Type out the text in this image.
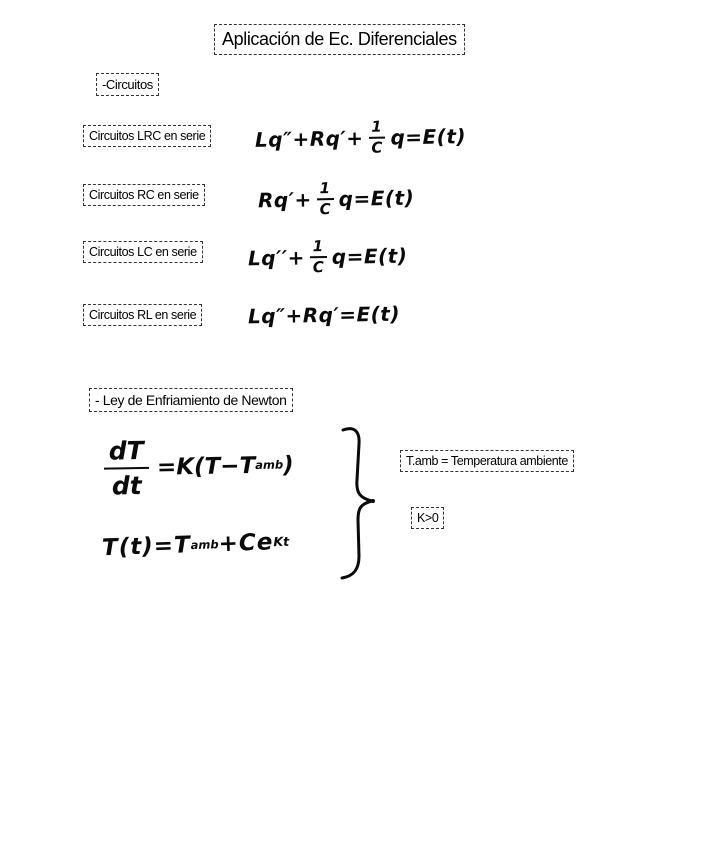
Aplicación de Ec. Diferenciales
-Circuitos
Circuitos LRC en serie	$Lq''+Rq'+ \frac{1}{C} q=E(t)$
Circuitos RC en serie	$Rq'+ \frac{1}{C} q=E(t)$
Circuitos LC en serie	$Lq''+ \frac{1}{C} q=E(t)$
Circuitos RL en serie	Lq″+Rq′ =E(t)
- Ley de Enfriamiento de Newton
$\frac{dT}{dt} =K(T-T$ amb )
T(t)=T amb +Ce Kt
T.amb = Temperatura ambiente
K>0
